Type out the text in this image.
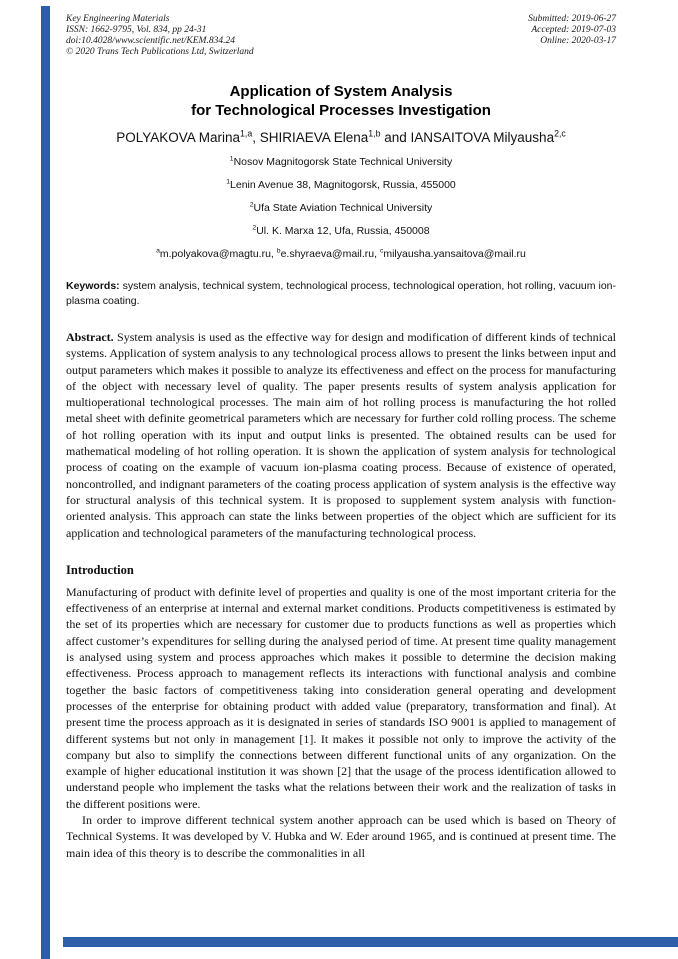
Key Engineering Materials
ISSN: 1662-9795, Vol. 834, pp 24-31
doi:10.4028/www.scientific.net/KEM.834.24
© 2020 Trans Tech Publications Ltd, Switzerland
Submitted: 2019-06-27
Accepted: 2019-07-03
Online: 2020-03-17
Application of System Analysis
for Technological Processes Investigation

POLYAKOVA Marina$^{1,a}$, SHIRIAEVA Elena$^{1,b}$ and IANSAITOVA Milyausha$^{2,c}$

$^1$Nosov Magnitogorsk State Technical University

$^1$Lenin Avenue 38, Magnitogorsk, Russia, 455000

$^2$Ufa State Aviation Technical University

$^2$Ul. K. Marxa 12, Ufa, Russia, 450008

$^a$m.polyakova@magtu.ru, $^b$e.shyraeva@mail.ru, $^c$milyausha.yansaitova@mail.ru

Keywords: system analysis, technical system, technological process, technological operation, hot rolling, vacuum ion-plasma coating.

Abstract. System analysis is used as the effective way for design and modification of different kinds of technical systems. Application of system analysis to any technological process allows to present the links between input and output parameters which makes it possible to analyze its effectiveness and effect on the process for manufacturing of the object with necessary level of quality. The paper presents results of system analysis application for multioperational technological processes. The main aim of hot rolling process is manufacturing the hot rolled metal sheet with definite geometrical parameters which are necessary for further cold rolling process. The scheme of hot rolling operation with its input and output links is presented. The obtained results can be used for mathematical modeling of hot rolling operation. It is shown the application of system analysis for technological process of coating on the example of vacuum ion-plasma coating process. Because of existence of operated, noncontrolled, and indignant parameters of the coating process application of system analysis is the effective way for structural analysis of this technical system. It is proposed to supplement system analysis with function-oriented analysis. This approach can state the links between properties of the object which are sufficient for its application and technological parameters of the manufacturing technological process.

Introduction

Manufacturing of product with definite level of properties and quality is one of the most important criteria for the effectiveness of an enterprise at internal and external market conditions. Products competitiveness is estimated by the set of its properties which are necessary for customer due to products functions as well as properties which affect customer’s expenditures for selling during the analysed period of time. At present time quality management is analysed using system and process approaches which makes it possible to determine the decision making effectiveness. Process approach to management reflects its interactions with functional analysis and combine together the basic factors of competitiveness taking into consideration general operating and development processes of the enterprise for obtaining product with added value (preparatory, transformation and final). At present time the process approach as it is designated in series of standards ISO 9001 is applied to management of different systems but not only in management [1]. It makes it possible not only to improve the activity of the company but also to simplify the connections between different functional units of any organization. On the example of higher educational institution it was shown [2] that the usage of the process identification allowed to understand people who implement the tasks what the relations between their work and the realization of tasks in the different positions were.

In order to improve different technical system another approach can be used which is based on Theory of Technical Systems. It was developed by V. Hubka and W. Eder around 1965, and is continued at present time. The main idea of this theory is to describe the commonalities in all
